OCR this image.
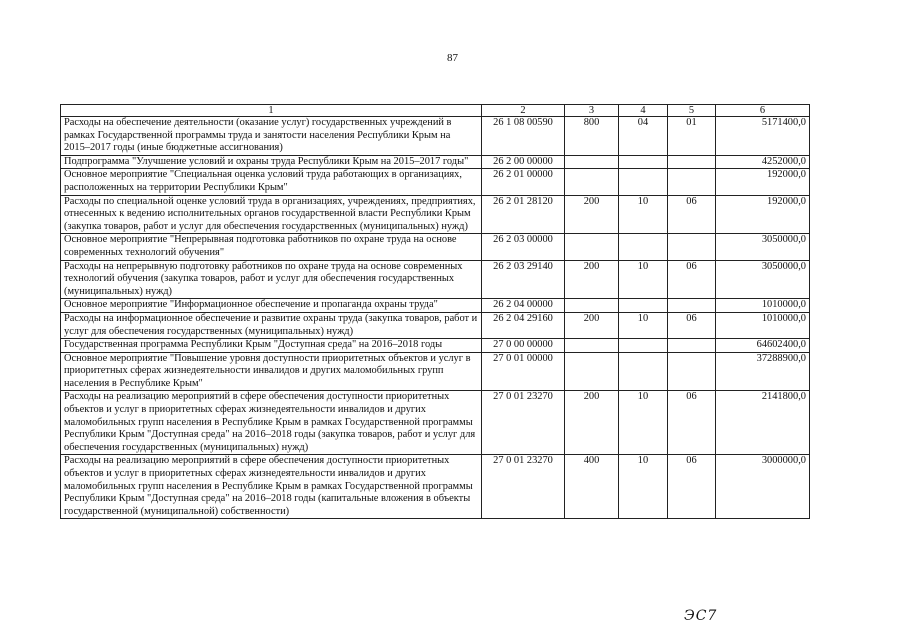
87
1	2	3	4	5	6
Расходы на обеспечение деятельности (оказание услуг) государственных учреждений в рамках Государственной программы труда и занятости населения Республики Крым на 2015–2017 годы (иные бюджетные ассигнования)	26 1 08 00590	800	04	01	5171400,0
Подпрограмма "Улучшение условий и охраны труда Республики Крым на 2015–2017 годы"	26 2 00 00000				4252000,0
Основное мероприятие "Специальная оценка условий труда работающих в организациях, расположенных на территории Республики Крым"	26 2 01 00000				192000,0
Расходы по специальной оценке условий труда в организациях, учреждениях, предприятиях, отнесенных к ведению исполнительных органов государственной власти Республики Крым (закупка товаров, работ и услуг для обеспечения государственных (муниципальных) нужд)	26 2 01 28120	200	10	06	192000,0
Основное мероприятие "Непрерывная подготовка работников по охране труда на основе современных технологий обучения"	26 2 03 00000				3050000,0
Расходы на непрерывную подготовку работников по охране труда на основе современных технологий обучения (закупка товаров, работ и услуг для обеспечения государственных (муниципальных) нужд)	26 2 03 29140	200	10	06	3050000,0
Основное мероприятие "Информационное обеспечение и пропаганда охраны труда"	26 2 04 00000				1010000,0
Расходы на информационное обеспечение и развитие охраны труда (закупка товаров, работ и услуг для обеспечения государственных (муниципальных) нужд)	26 2 04 29160	200	10	06	1010000,0
Государственная программа Республики Крым "Доступная среда" на 2016–2018 годы	27 0 00 00000				64602400,0
Основное мероприятие "Повышение уровня доступности приоритетных объектов и услуг в приоритетных сферах жизнедеятельности инвалидов и других маломобильных групп населения в Республике Крым"	27 0 01 00000				37288900,0
Расходы на реализацию мероприятий в сфере обеспечения доступности приоритетных объектов и услуг в приоритетных сферах жизнедеятельности инвалидов и других маломобильных групп населения в Республике Крым в рамках Государственной программы Республики Крым "Доступная среда" на 2016–2018 годы (закупка товаров, работ и услуг для обеспечения государственных (муниципальных) нужд)	27 0 01 23270	200	10	06	2141800,0
Расходы на реализацию мероприятий в сфере обеспечения доступности приоритетных объектов и услуг в приоритетных сферах жизнедеятельности инвалидов и других маломобильных групп населения в Республике Крым в рамках Государственной программы Республики Крым "Доступная среда" на 2016–2018 годы (капитальные вложения в объекты государственной (муниципальной) собственности)	27 0 01 23270	400	10	06	3000000,0
ЭС7
